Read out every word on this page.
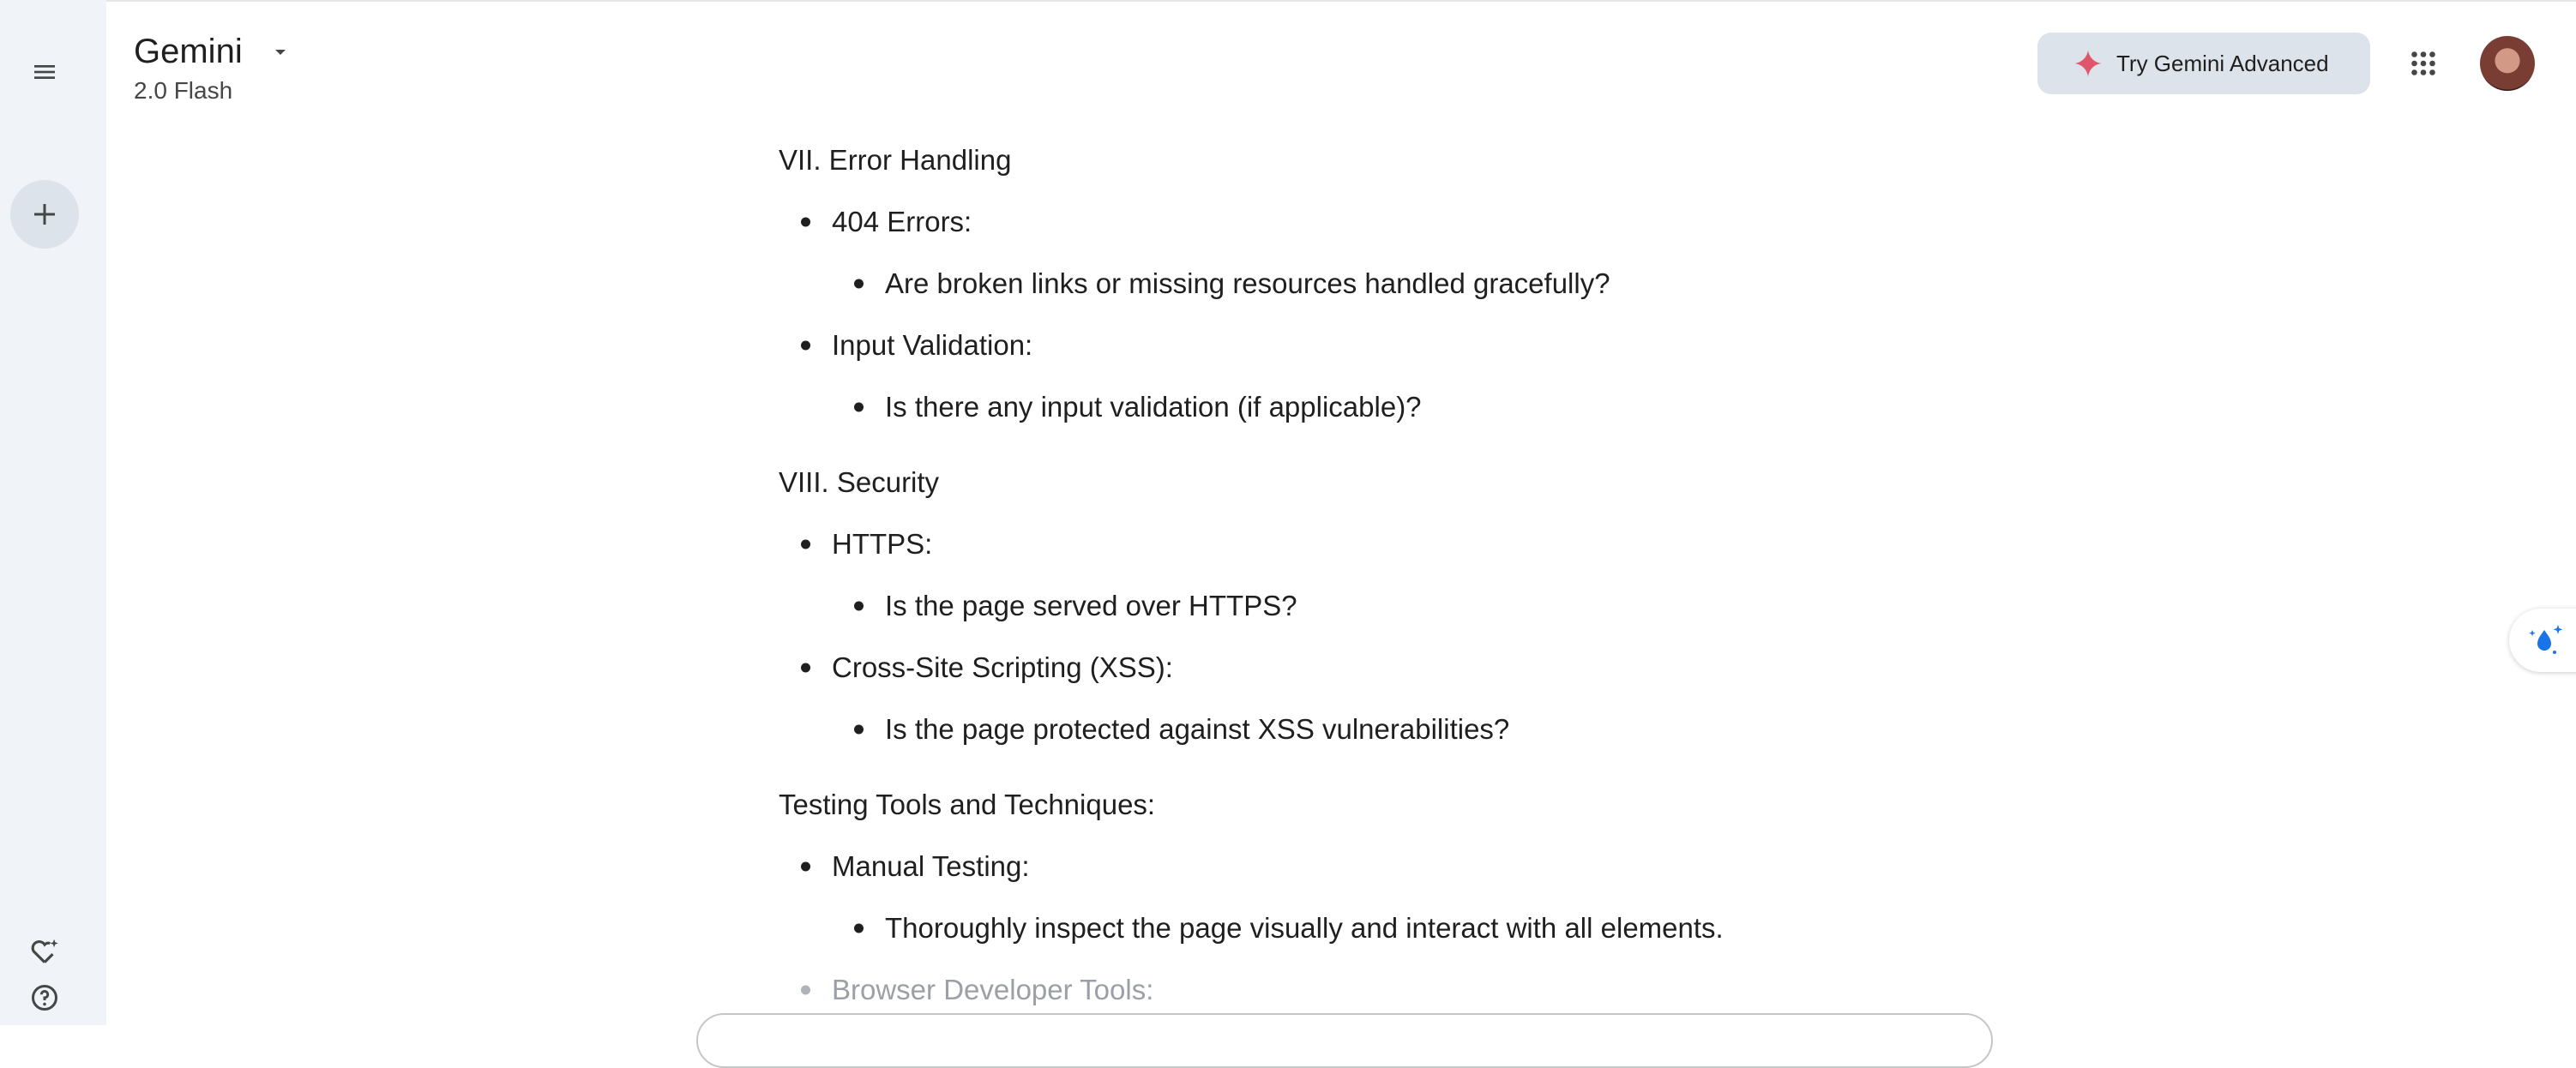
Gemini
2.0 Flash
Try Gemini Advanced
VII. Error Handling
404 Errors:
Are broken links or missing resources handled gracefully?
Input Validation:
Is there any input validation (if applicable)?
VIII. Security
HTTPS:
Is the page served over HTTPS?
Cross-Site Scripting (XSS):
Is the page protected against XSS vulnerabilities?
Testing Tools and Techniques:
Manual Testing:
Thoroughly inspect the page visually and interact with all elements.
Browser Developer Tools:
